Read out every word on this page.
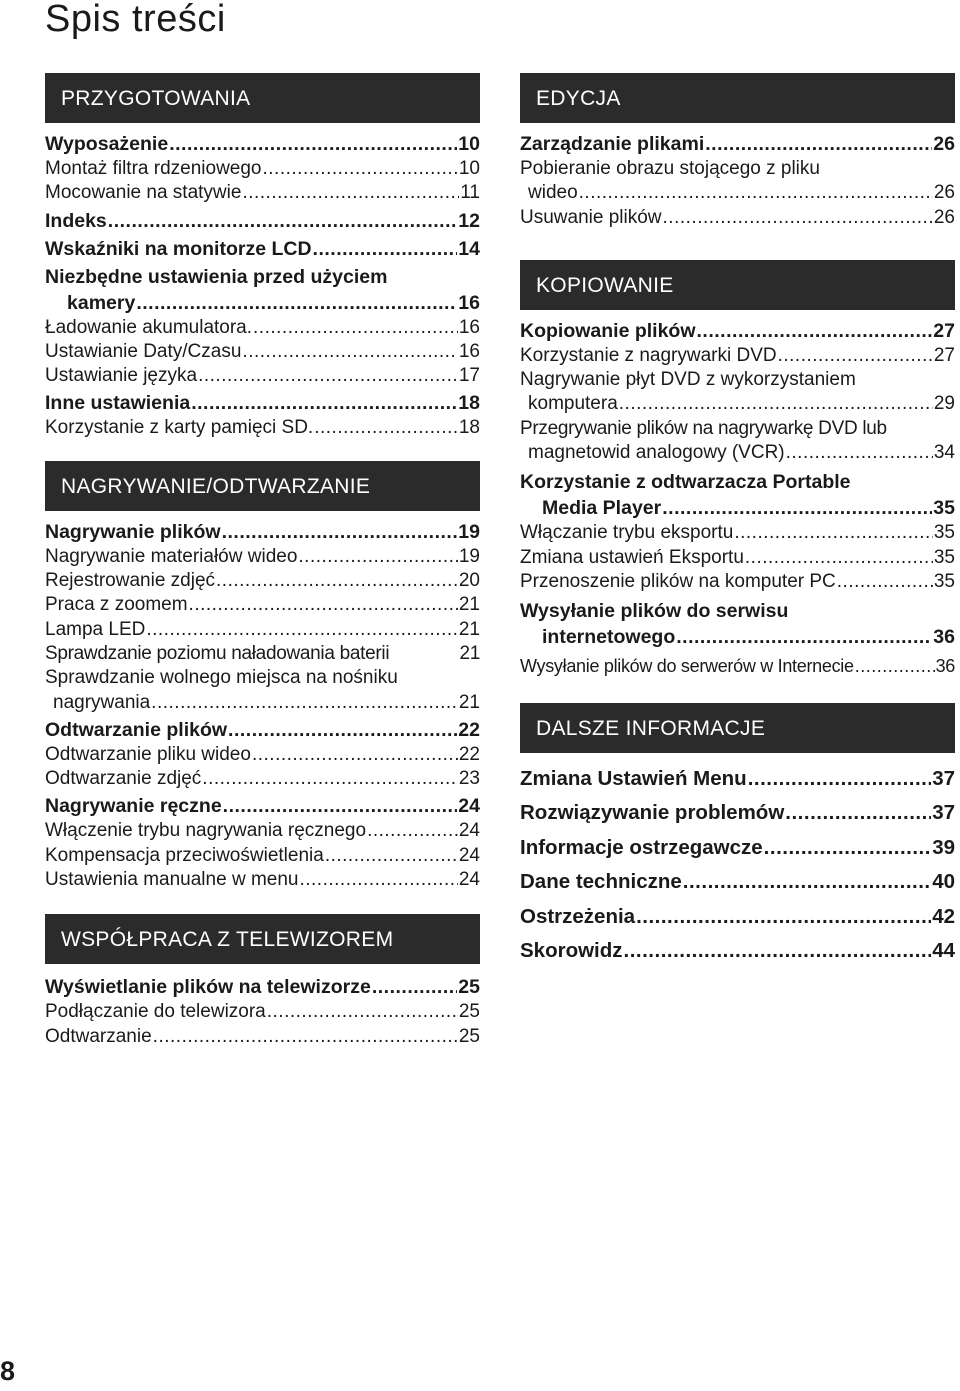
Spis treści
PRZYGOTOWANIA
Wyposażenie .....	10
Montaż filtra rdzeniowego .....	10
Mocowanie na statywie .....	11
Indeks .....	12
Wskaźniki na monitorze LCD .....	14
Niezbędne ustawienia przed użyciem
kamery .....	16
Ładowanie akumulatora. .....	16
Ustawianie Daty/Czasu .....	16
Ustawianie języka .....	17
Inne ustawienia .....	18
Korzystanie z karty pamięci SD. .....	18
NAGRYWANIE/ODTWARZANIE
Nagrywanie plików .....	19
Nagrywanie materiałów wideo .....	19
Rejestrowanie zdjęć .....	20
Praca z zoomem .....	21
Lampa LED .....	21
Sprawdzanie poziomu naładowania baterii	21
Sprawdzanie wolnego miejsca na nośniku
nagrywania .....	21
Odtwarzanie plików .....	22
Odtwarzanie pliku wideo .....	22
Odtwarzanie zdjęć .....	23
Nagrywanie ręczne .....	24
Włączenie trybu nagrywania ręcznego .....	24
Kompensacja przeciwoświetlenia .....	24
Ustawienia manualne w menu .....	24
WSPÓŁPRACA Z TELEWIZOREM
Wyświetlanie plików na telewizorze .....	25
Podłączanie do telewizora .....	25
Odtwarzanie .....	25
EDYCJA
Zarządzanie plikami .....	26
Pobieranie obrazu stojącego z pliku
wideo .....	26
Usuwanie plików .....	26
KOPIOWANIE
Kopiowanie plików .....	27
Korzystanie z nagrywarki DVD .....	27
Nagrywanie płyt DVD z wykorzystaniem
komputera .....	29
Przegrywanie plików na nagrywarkę DVD lub
magnetowid analogowy (VCR) .....	34
Korzystanie z odtwarzacza Portable
Media Player .....	35
Włączanie trybu eksportu .....	35
Zmiana ustawień Eksportu .....	35
Przenoszenie plików na komputer PC .....	35
Wysyłanie plików do serwisu
internetowego .....	36
Wysyłanie plików do serwerów w Internecie .....	36
DALSZE INFORMACJE
Zmiana Ustawień Menu .....	37
Rozwiązywanie problemów .....	37
Informacje ostrzegawcze .....	39
Dane techniczne .....	40
Ostrzeżenia .....	42
Skorowidz .....	44
8
